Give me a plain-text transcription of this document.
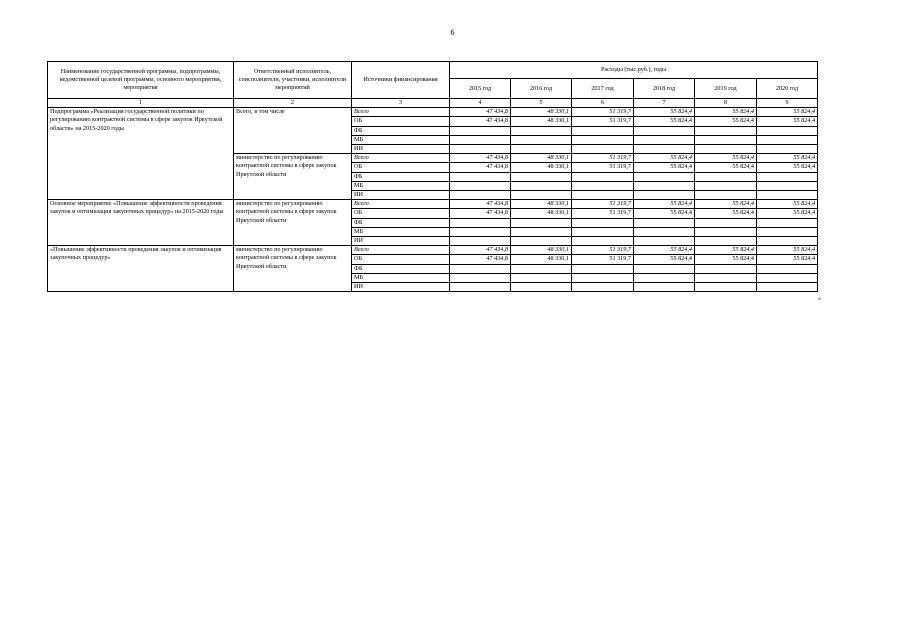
6
Наименование государственной программы, подпрограммы, ведомственной целевой программы, основного мероприятия, мероприятия	Ответственный исполнитель, соисполнители, участники, исполнители мероприятий	Источники финансирования	Расходы (тыс.руб.), годы					
			2015 год	2016 год	2017 год	2018 год	2019 год	2020 год
1	2	3	4	5	6	7	8	9
Подпрограмма «Реализация государственной политики по регулированию контрактной системы в сфере закупок Иркутской области» на 2015-2020 годы	Всего, в том числе	Всего	47 434,8	48 330,1	51 319,7	55 824,4	55 824,4	55 824,4
		ОБ	47 434,8	48 330,1	51 319,7	55 824,4	55 824,4	55 824,4
		ФБ						
		МБ						
		ИИ						
	министерство по регулированию контрактной системы в сфере закупок Иркутской области	Всего	47 434,8	48 330,1	51 319,7	55 824,4	55 824,4	55 824,4
		ОБ	47 434,8	48 330,1	51 319,7	55 824,4	55 824,4	55 824,4
		ФБ						
		МБ						
		ИИ						
Основное мероприятие «Повышение эффективности проведения закупок и оптимизация закупочных процедур» на 2015-2020 годы	министерство по регулированию контрактной системы в сфере закупок Иркутской области	Всего	47 434,8	48 330,1	51 319,7	55 824,4	55 824,4	55 824,4
		ОБ	47 434,8	48 330,1	51 319,7	55 824,4	55 824,4	55 824,4
		ФБ						
		МБ						
		ИИ						
«Повышение эффективности проведения закупок и оптимизация закупочных процедур»	министерство по регулированию контрактной системы в сфере закупок Иркутской области	Всего	47 434,8	48 330,1	51 319,7	55 824,4	55 824,4	55 824,4
		ОБ	47 434,8	48 330,1	51 319,7	55 824,4	55 824,4	55 824,4
		ФБ						
		МБ						
		ИИ						
»
